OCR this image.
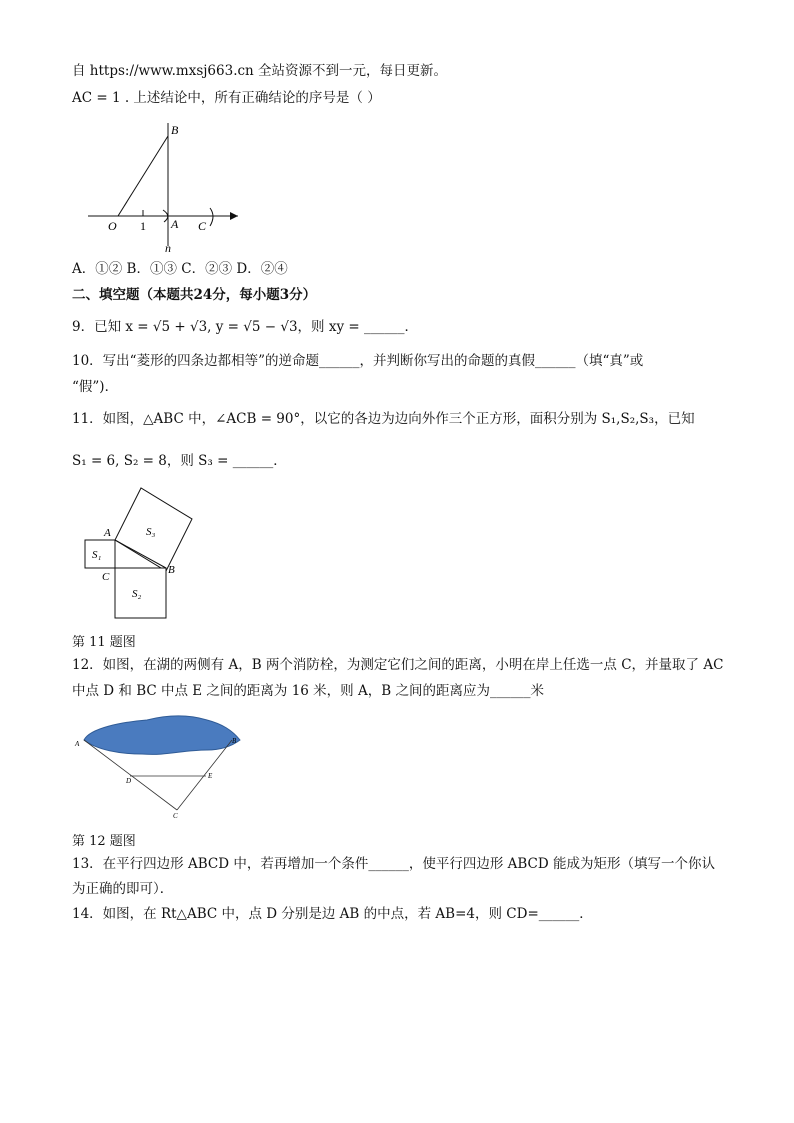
自 https://www.mxsj663.cn 全站资源不到一元，每日更新。
AC = 1 . 上述结论中，所有正确结论的序号是（ ）
B
O 1 A C
n
A．①② B．①③ C．②③ D．②④
二、填空题（本题共24分，每小题3分）
9．已知 x = √5 + √3, y = √5 − √3，则 xy = ______．
10．写出“菱形的四条边都相等”的逆命题______，并判断你写出的命题的真假______（填“真”或
“假”)．
11．如图，△ABC 中，∠ACB = 90°，以它的各边为边向外作三个正方形，面积分别为 S₁,S₂,S₃，已知
S₁ = 6, S₂ = 8，则 S₃ = ______．
A
C
B
S₁
S₂
S₃
第 11 题图
12．如图，在湖的两侧有 A，B 两个消防栓，为测定它们之间的距离，小明在岸上任选一点 C，并量取了 AC
中点 D 和 BC 中点 E 之间的距离为 16 米，则 A，B 之间的距离应为______米
A	B
D
E
C
第 12 题图
13．在平行四边形 ABCD 中，若再增加一个条件______，使平行四边形 ABCD 能成为矩形（填写一个你认
为正确的即可）．
14．如图，在 Rt△ABC 中，点 D 分别是边 AB 的中点，若 AB=4，则 CD=______．
